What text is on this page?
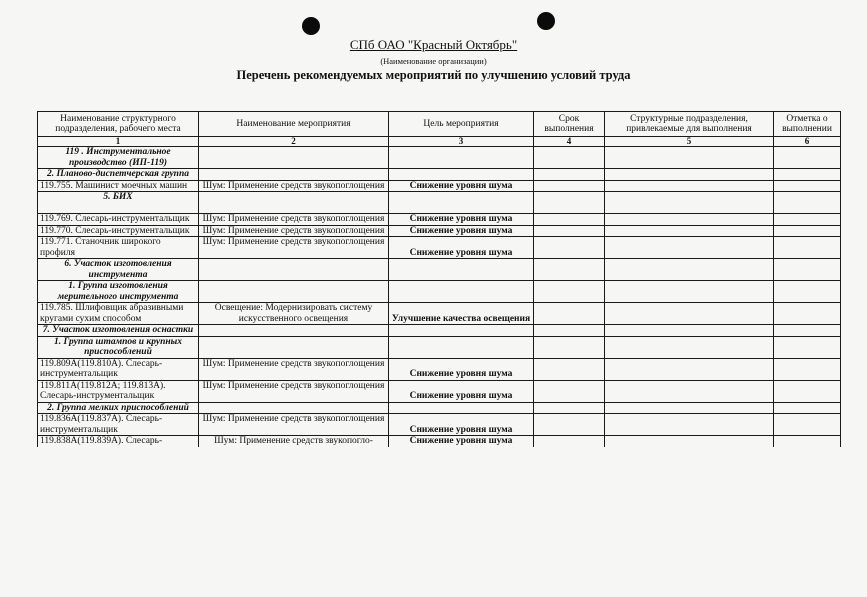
СПб ОАО "Красный Октябрь"
(Наименование организации)
Перечень рекомендуемых мероприятий по улучшению условий труда
Наименование структурного подразделения, рабочего места	Наименование мероприятия	Цель мероприятия	Срок выполнения	Структурные подразделения, привлекаемые для выполнения	Отметка о выполнении
1	2	3	4	5	6
119 . Инструментальное производство (ИП-119)					
2. Планово-диспетчерская группа					
119.755. Машинист моечных машин	Шум: Применение средств звукопоглощения	Снижение уровня шума			
5. БИХ					
119.769. Слесарь-инструментальщик	Шум: Применение средств звукопоглощения	Снижение уровня шума			
119.770. Слесарь-инструментальщик	Шум: Применение средств звукопоглощения	Снижение уровня шума			
119.771. Станочник широкого профиля	Шум: Применение средств звукопоглощения	Снижение уровня шума			
6. Участок изготовления инструмента					
1. Группа изготовления мерительного инструмента					
119.785. Шлифовщик абразивными кругами сухим способом	Освещение: Модернизировать систему искусственного освещения	Улучшение качества освещения			
7. Участок изготовления оснастки					
1. Группа штампов и крупных приспособлений					
119.809А(119.810А). Слесарь-инструментальщик	Шум: Применение средств звукопоглощения	Снижение уровня шума			
119.811А(119.812А; 119.813А). Слесарь-инструментальщик	Шум: Применение средств звукопоглощения	Снижение уровня шума			
2. Группа мелких приспособлений					
119.836А(119.837А). Слесарь-инструментальщик	Шум: Применение средств звукопоглощения	Снижение уровня шума			
119.838А(119.839А). Слесарь-	Шум: Применение средств звукопогло-	Снижение уровня шума			
